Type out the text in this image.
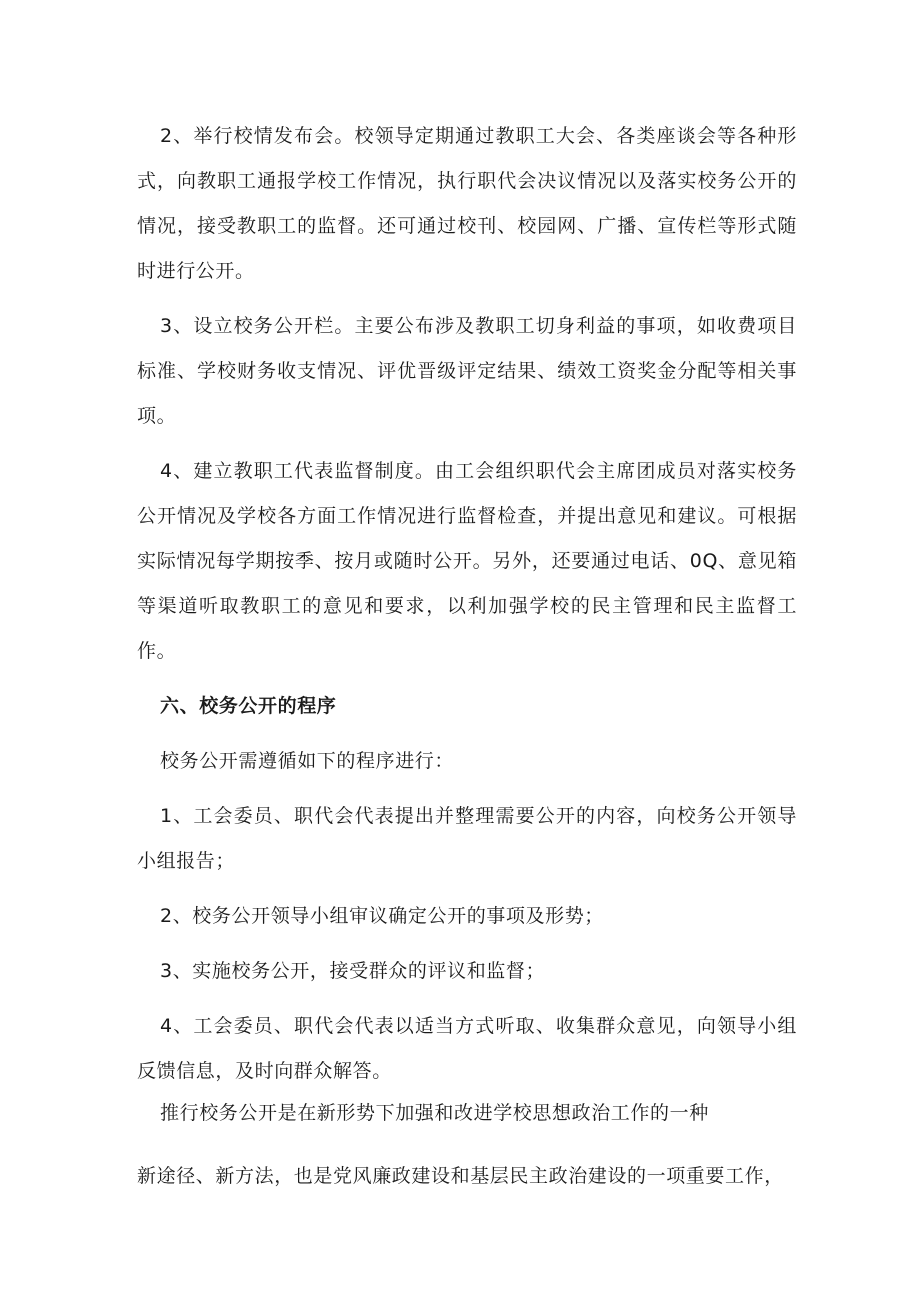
2、举行校情发布会。校领导定期通过教职工大会、各类座谈会等各种形式，向教职工通报学校工作情况，执行职代会决议情况以及落实校务公开的情况，接受教职工的监督。还可通过校刊、校园网、广播、宣传栏等形式随时进行公开。

3、设立校务公开栏。主要公布涉及教职工切身利益的事项，如收费项目标准、学校财务收支情况、评优晋级评定结果、绩效工资奖金分配等相关事项。

4、建立教职工代表监督制度。由工会组织职代会主席团成员对落实校务公开情况及学校各方面工作情况进行监督检查，并提出意见和建议。可根据实际情况每学期按季、按月或随时公开。另外，还要通过电话、0Q、意见箱等渠道听取教职工的意见和要求，以利加强学校的民主管理和民主监督工作。

六、校务公开的程序

校务公开需遵循如下的程序进行：

1、工会委员、职代会代表提出并整理需要公开的内容，向校务公开领导小组报告；

2、校务公开领导小组审议确定公开的事项及形势；

3、实施校务公开，接受群众的评议和监督；

4、工会委员、职代会代表以适当方式听取、收集群众意见，向领导小组反馈信息，及时向群众解答。

推行校务公开是在新形势下加强和改进学校思想政治工作的一种
新途径、新方法，也是党风廉政建设和基层民主政治建设的一项重要工作，
